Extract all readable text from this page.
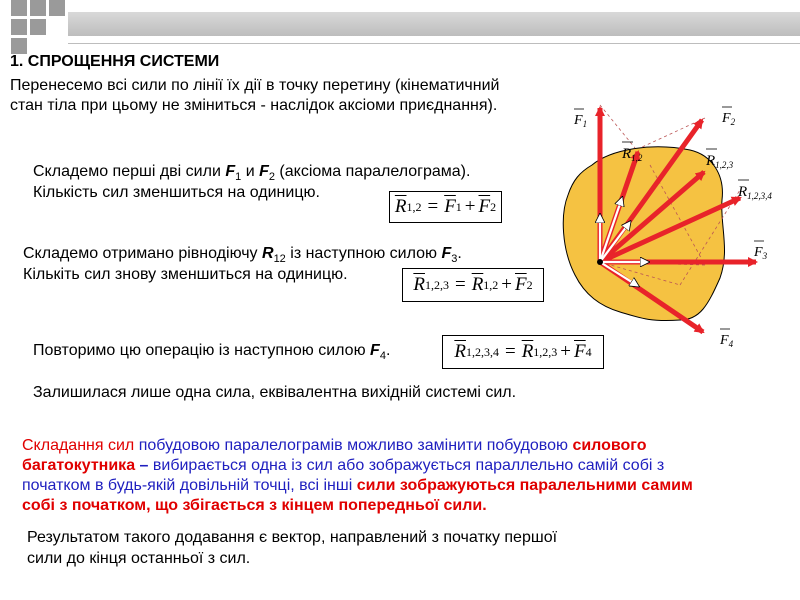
1. СПРОЩЕННЯ СИСТЕМИ
Перенесемо всі сили по лінії їх дії в точку перетину (кінематичний
стан тіла при цьому не зміниться - наслідок аксіоми приєднання).
Складемо перші дві сили $F_1$ и $F_2$ (аксіома паралелограма).
Кількість сил зменшиться на одиницю.
$\overline{R}$ $1,2 = \overline{F}$ $1 + \overline{F}$ 2
Складемо отримано рівнодіючу $R_{12}$ із наступною силою $F_3$.
Кількіть сил знову зменшиться на одиницю.	$\overline{R}$ $1,2,3 = \overline{R}$ $1,2 + \overline{F}$ 2
Повторимо цю операцію із наступною силою $F_4$.	$\overline{R}$ $1,2,3,4 = \overline{R}$ $1,2,3 + \overline{F}$ 4
Залишилася лише одна сила, еквівалентна вихідній системі сил.
Складання сил побудовою паралелограмів можливо замінити побудовою силового
багатокутника – вибирається одна із сил або зображується параллельно самій собі з
початком в будь-якій довільній точці, всі інші сили зображуються паралельними самим
собі з початком, що збігається з кінцем попередньої сили.
Результатом такого додавання є вектор, направлений з початку першої
сили до кінця останньої з сил.
$F_1$	$F_2$
$F_3$
$F_4$
$R_{1,2}$	$R_{1,2,3}$
$R_{1,2,3,4}$
